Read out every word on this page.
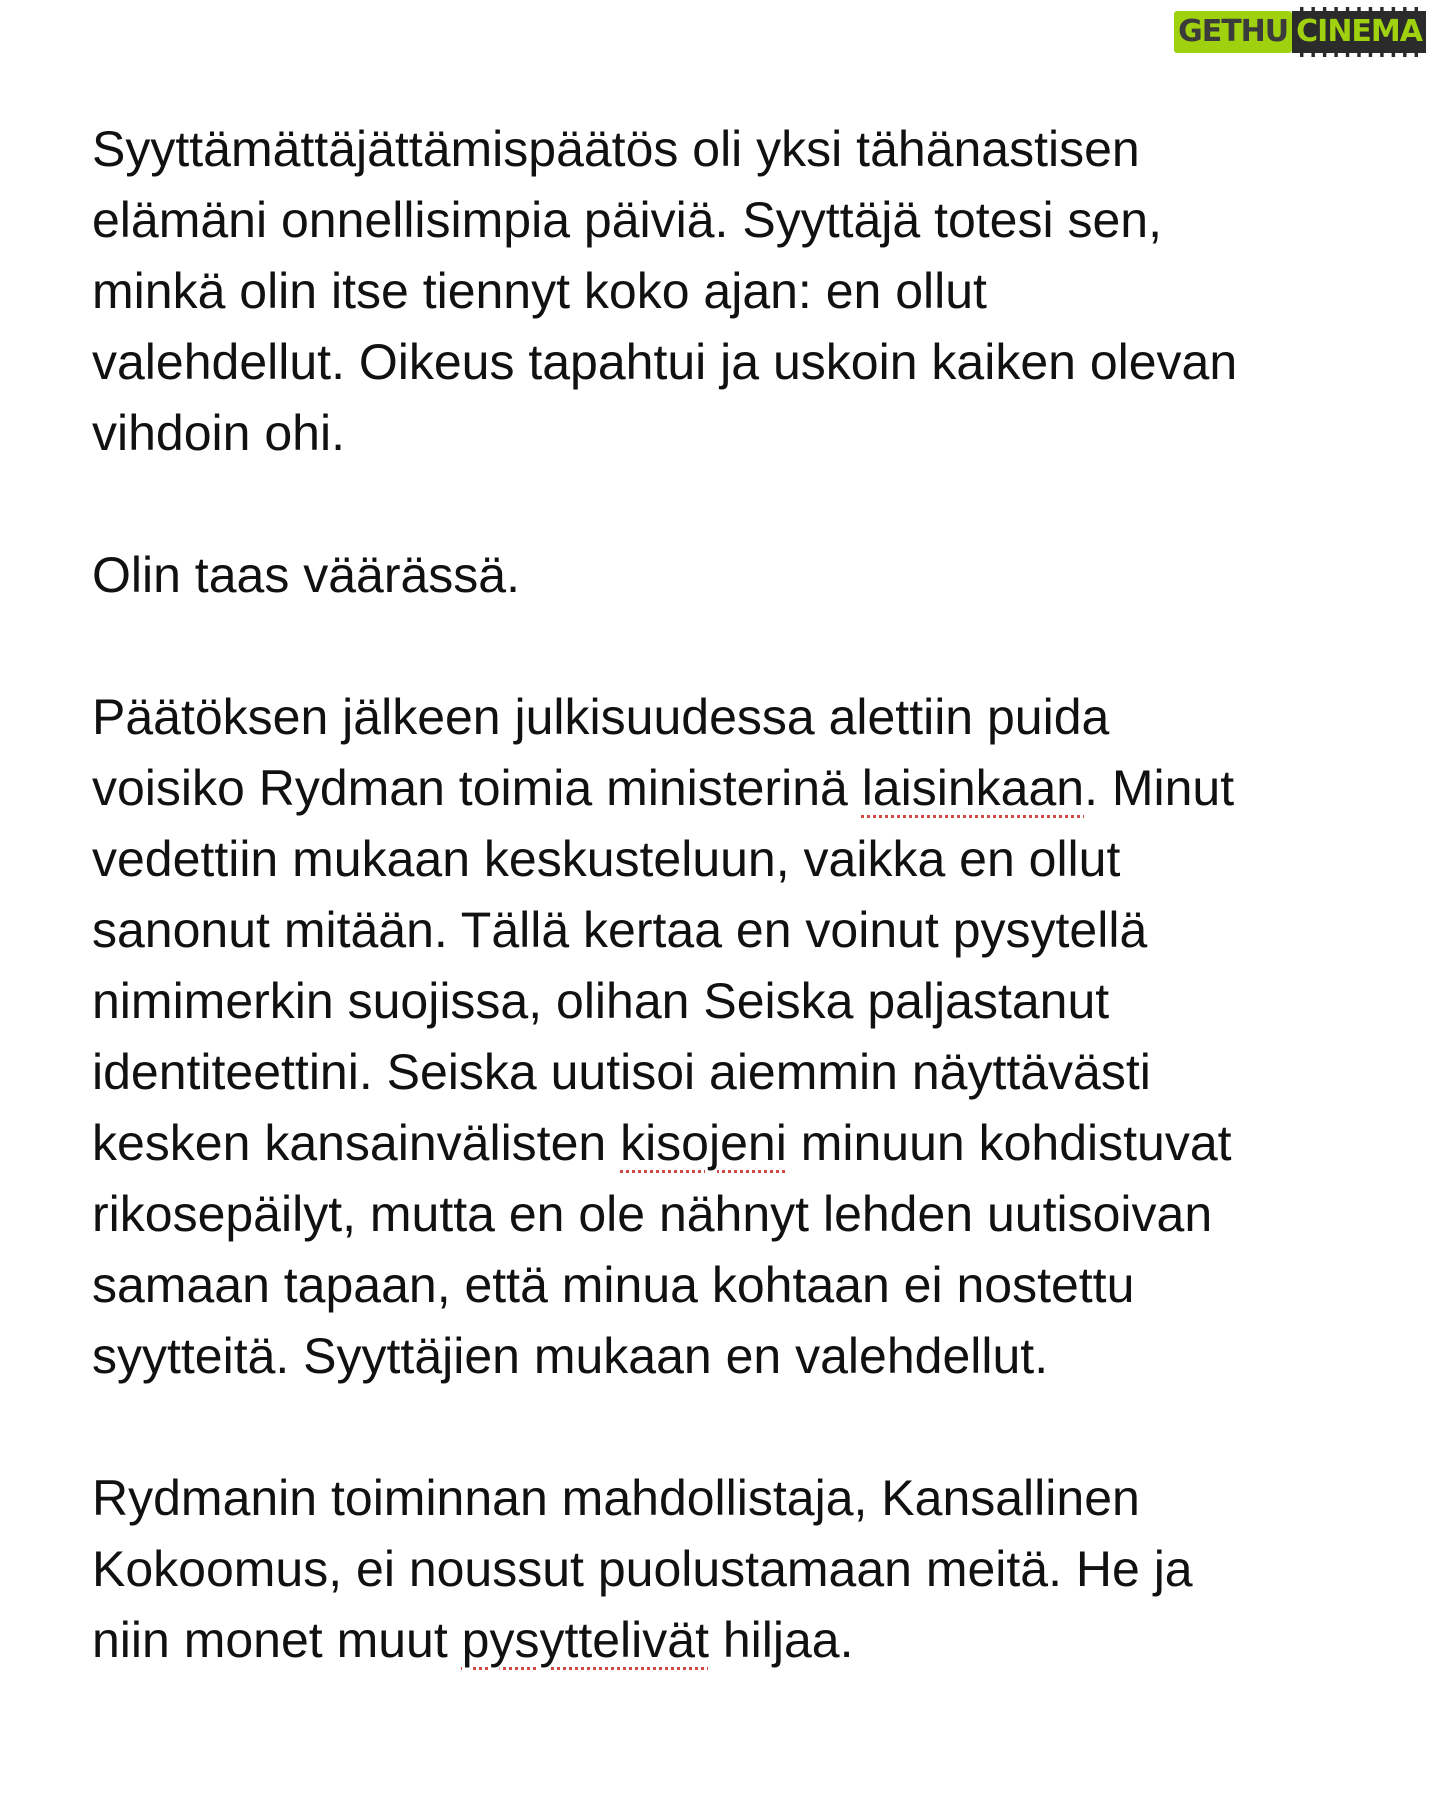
GETHU CINEMA

Syyttämättäjättämispäätös oli yksi tähänastisen
elämäni onnellisimpia päiviä. Syyttäjä totesi sen,
minkä olin itse tiennyt koko ajan: en ollut
valehdellut. Oikeus tapahtui ja uskoin kaiken olevan
vihdoin ohi.

Olin taas väärässä.

Päätöksen jälkeen julkisuudessa alettiin puida
voisiko Rydman toimia ministerinä laisinkaan. Minut
vedettiin mukaan keskusteluun, vaikka en ollut
sanonut mitään. Tällä kertaa en voinut pysytellä
nimimerkin suojissa, olihan Seiska paljastanut
identiteettini. Seiska uutisoi aiemmin näyttävästi
kesken kansainvälisten kisojeni minuun kohdistuvat
rikosepäilyt, mutta en ole nähnyt lehden uutisoivan
samaan tapaan, että minua kohtaan ei nostettu
syytteitä. Syyttäjien mukaan en valehdellut.

Rydmanin toiminnan mahdollistaja, Kansallinen
Kokoomus, ei noussut puolustamaan meitä. He ja
niin monet muut pysyttelivät hiljaa.
